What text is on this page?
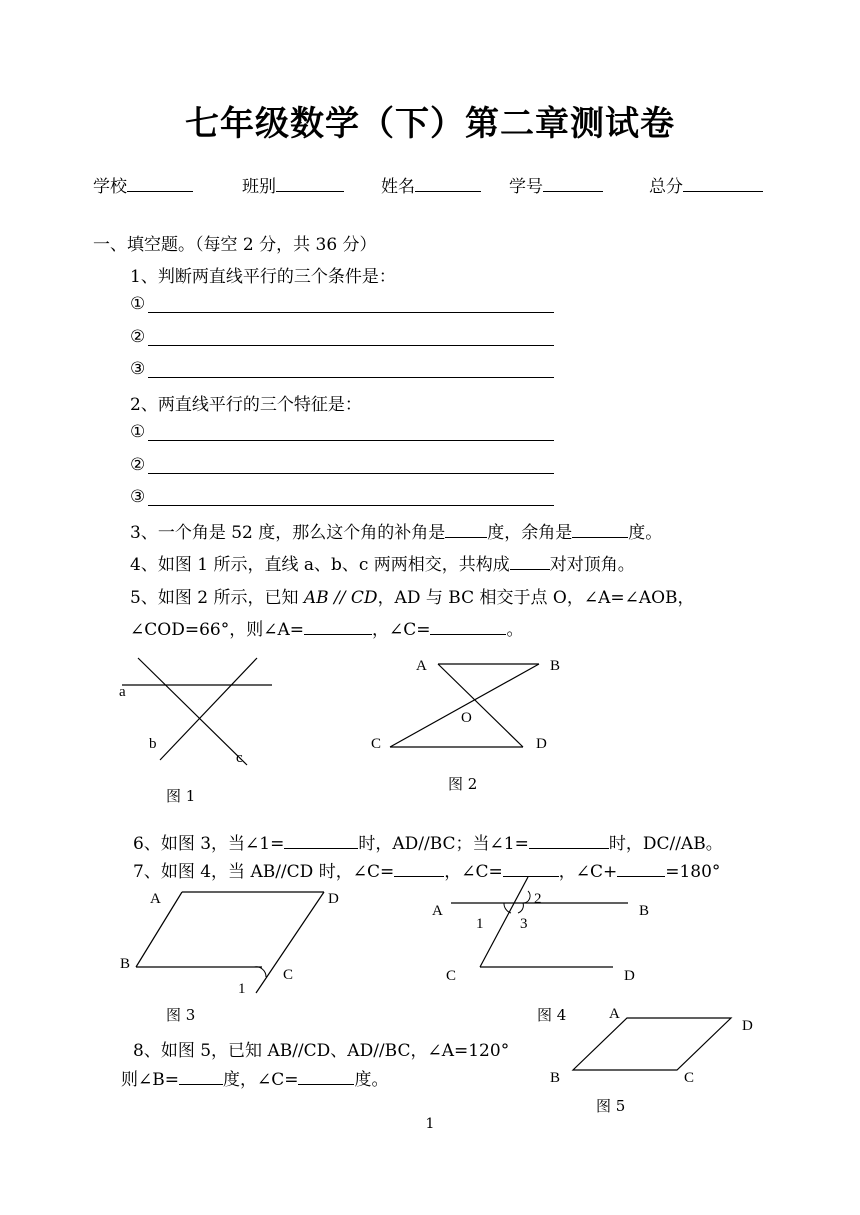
七年级数学（下）第二章测试卷
学校	班别	姓名	学号	总分
一、填空题。（每空 2 分，共 36 分）
1、判断两直线平行的三个条件是：
①
②
③
2、两直线平行的三个特征是：
①
②
③
3、一个角是 52 度，那么这个角的补角是 度，余角是	度。
4、如图 1 所示，直线 a、b、c 两两相交，共构成 对对顶角。
5、如图 2 所示，已知 AB // CD，AD 与 BC 相交于点 O，∠A=∠AOB，
∠COD=66°，则∠A=	，∠C=	。
a
b
c
图 1
A	B
O
C	D
图 2
6、如图 3，当∠1=	时，AD//BC；当∠1=	时，DC//AB。
7、如图 4，当 AB//CD 时，∠C=	，∠C=	，∠C+	=180°
A	D
B
C
1
图 3
A	B
C	D
1
2
3
图 4
8、如图 5，已知 AB//CD、AD//BC，∠A=120°
则∠B=	度，∠C=	度。
A
D
B	C
图 5
1
